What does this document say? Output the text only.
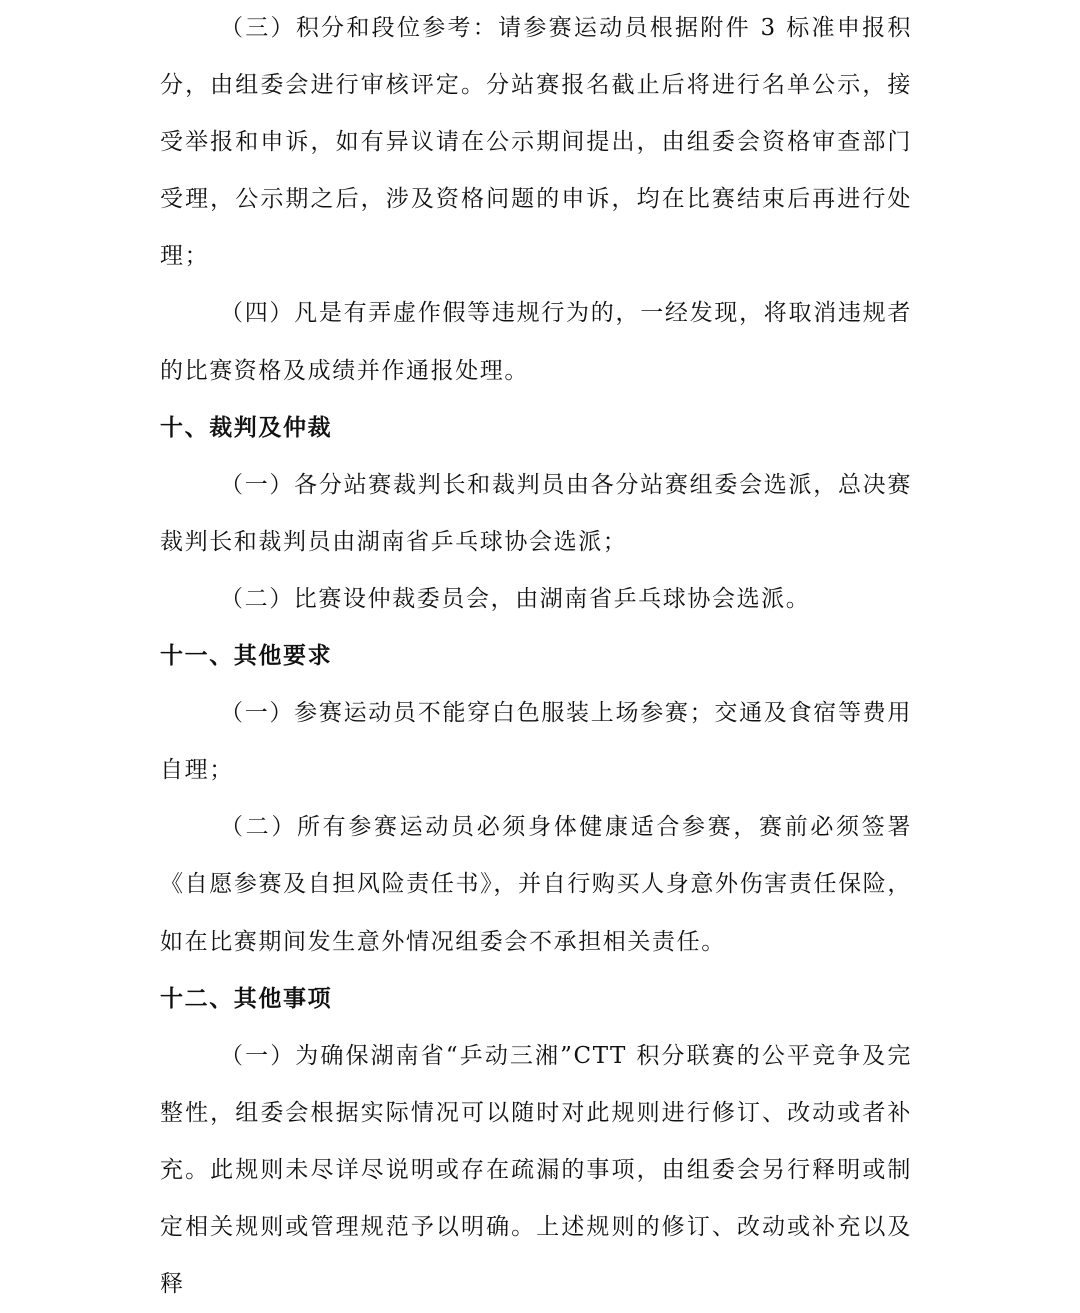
（三）积分和段位参考：请参赛运动员根据附件 3 标准申报积分，由组委会进行审核评定。分站赛报名截止后将进行名单公示，接受举报和申诉，如有异议请在公示期间提出，由组委会资格审查部门受理，公示期之后，涉及资格问题的申诉，均在比赛结束后再进行处理；

（四）凡是有弄虚作假等违规行为的，一经发现，将取消违规者的比赛资格及成绩并作通报处理。

十、裁判及仲裁

（一）各分站赛裁判长和裁判员由各分站赛组委会选派，总决赛裁判长和裁判员由湖南省乒乓球协会选派；

（二）比赛设仲裁委员会，由湖南省乒乓球协会选派。

十一、其他要求

（一）参赛运动员不能穿白色服装上场参赛；交通及食宿等费用自理；

（二）所有参赛运动员必须身体健康适合参赛，赛前必须签署《自愿参赛及自担风险责任书》，并自行购买人身意外伤害责任保险，如在比赛期间发生意外情况组委会不承担相关责任。

十二、其他事项

（一）为确保湖南省“乒动三湘”CTT 积分联赛的公平竞争及完整性，组委会根据实际情况可以随时对此规则进行修订、改动或者补充。此规则未尽详尽说明或存在疏漏的事项，由组委会另行释明或制定相关规则或管理规范予以明确。上述规则的修订、改动或补充以及释
